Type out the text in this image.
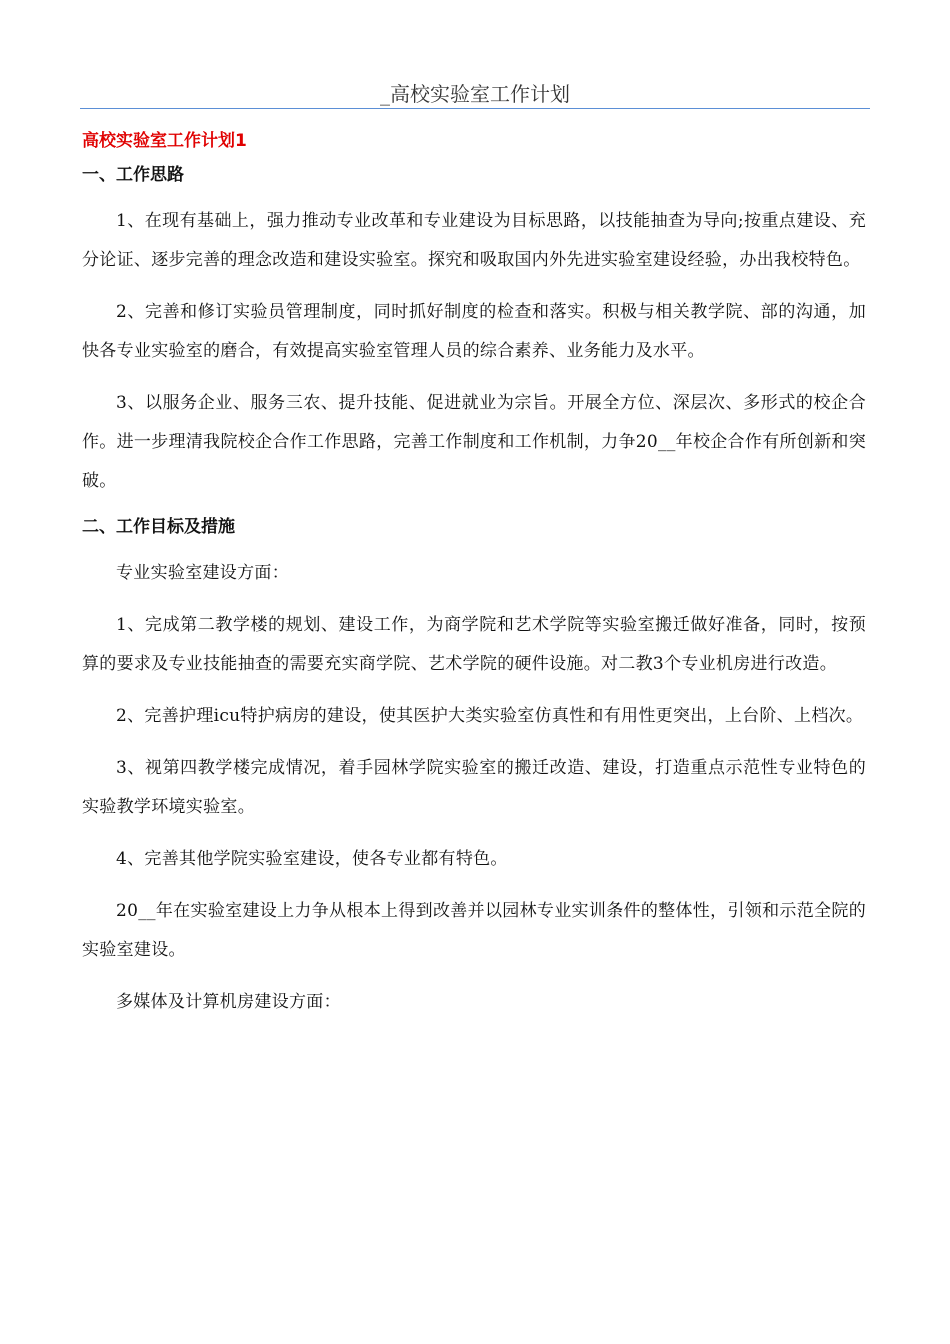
_高校实验室工作计划
高校实验室工作计划1
一、工作思路

1、在现有基础上，强力推动专业改革和专业建设为目标思路，以技能抽查为导向;按重点建设、充分论证、逐步完善的理念改造和建设实验室。探究和吸取国内外先进实验室建设经验，办出我校特色。

2、完善和修订实验员管理制度，同时抓好制度的检查和落实。积极与相关教学院、部的沟通，加快各专业实验室的磨合，有效提高实验室管理人员的综合素养、业务能力及水平。

3、以服务企业、服务三农、提升技能、促进就业为宗旨。开展全方位、深层次、多形式的校企合作。进一步理清我院校企合作工作思路，完善工作制度和工作机制，力争20__年校企合作有所创新和突破。

二、工作目标及措施

专业实验室建设方面：

1、完成第二教学楼的规划、建设工作，为商学院和艺术学院等实验室搬迁做好准备，同时，按预算的要求及专业技能抽查的需要充实商学院、艺术学院的硬件设施。对二教3个专业机房进行改造。

2、完善护理icu特护病房的建设，使其医护大类实验室仿真性和有用性更突出，上台阶、上档次。

3、视第四教学楼完成情况，着手园林学院实验室的搬迁改造、建设，打造重点示范性专业特色的实验教学环境实验室。

4、完善其他学院实验室建设，使各专业都有特色。

20__年在实验室建设上力争从根本上得到改善并以园林专业实训条件的整体性，引领和示范全院的实验室建设。

多媒体及计算机房建设方面：
